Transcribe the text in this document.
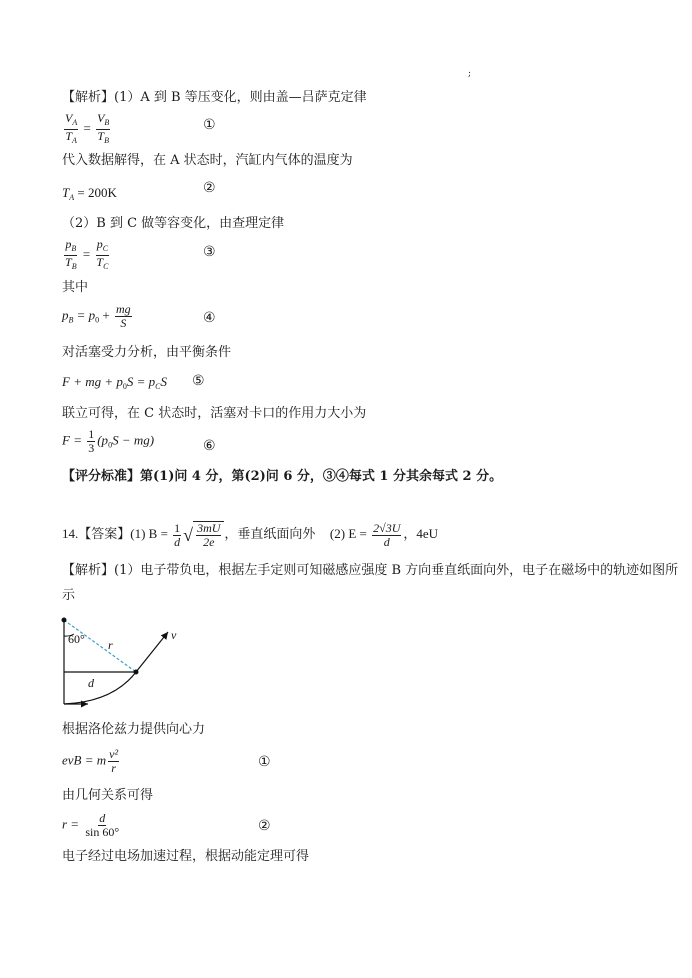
;
【解析】(1）A 到 B 等压变化，则由盖—吕萨克定律
$\frac{V_A}{T_A} = \frac{V_B}{T_B}$	①
代入数据解得，在 A 状态时，汽缸内气体的温度为
$T_A = 200K$	②
（2）B 到 C 做等容变化，由查理定律
$\frac{p_B}{T_B} = \frac{p_C}{T_C}$	③
其中
$p_B = p_0 + \frac{mg}{S}$	④
对活塞受力分析，由平衡条件
F + mg + $p_0S = p_CS$ ⑤
联立可得，在 C 状态时，活塞对卡口的作用力大小为
$F = \frac{1}{3} (p_0S - mg)$	⑥
【评分标准】第(1)问 4 分，第(2)问 6 分，③④每式 1 分其余每式 2 分。
14.【答案】(1) $B = \frac{1}{d}$ √ $\frac{3mU}{2e}$ ，垂直纸面向外 (2) $E = \frac{2√3U}{d}$ ，4eU
【解析】(1）电子带负电，根据左手定则可知磁感应强度 B 方向垂直纸面向外，电子在磁场中的轨迹如图所
示
60° r
d
v
根据洛伦兹力提供向心力
evB = m $\frac{\text{v²}}{r}$	①
由几何关系可得
$r = \frac{d}{\sin 60^\circ}$	②
电子经过电场加速过程，根据动能定理可得
